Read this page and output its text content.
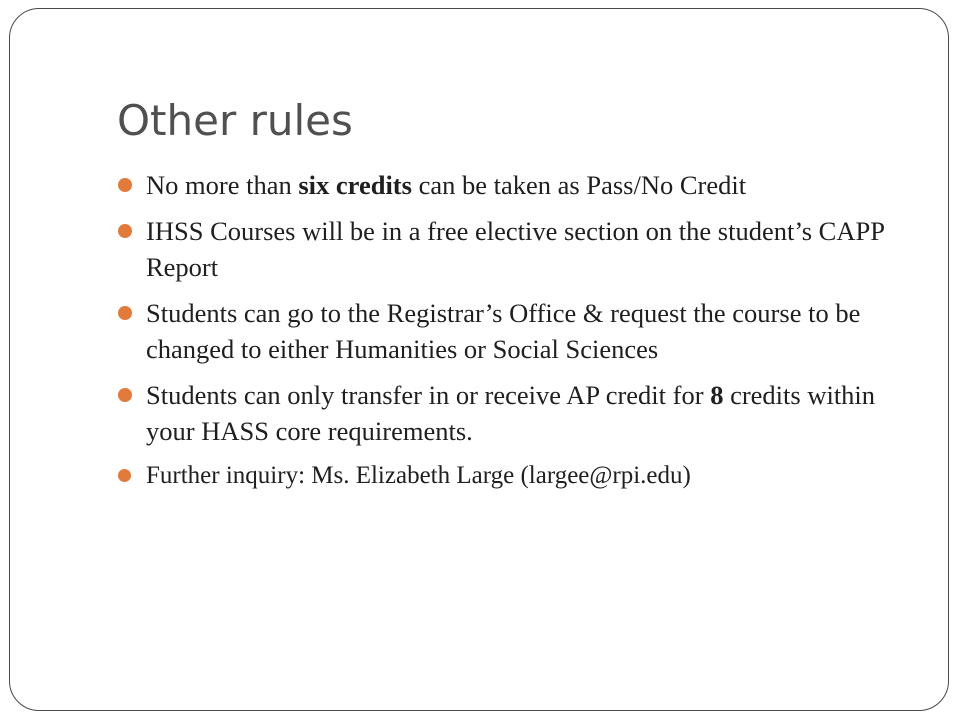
Other rules
No more than six credits can be taken as Pass/No Credit
IHSS Courses will be in a free elective section on the student’s CAPP Report
Students can go to the Registrar’s Office & request the course to be changed to either Humanities or Social Sciences
Students can only transfer in or receive AP credit for 8 credits within your HASS core requirements.
Further inquiry: Ms. Elizabeth Large (largee@rpi.edu)
